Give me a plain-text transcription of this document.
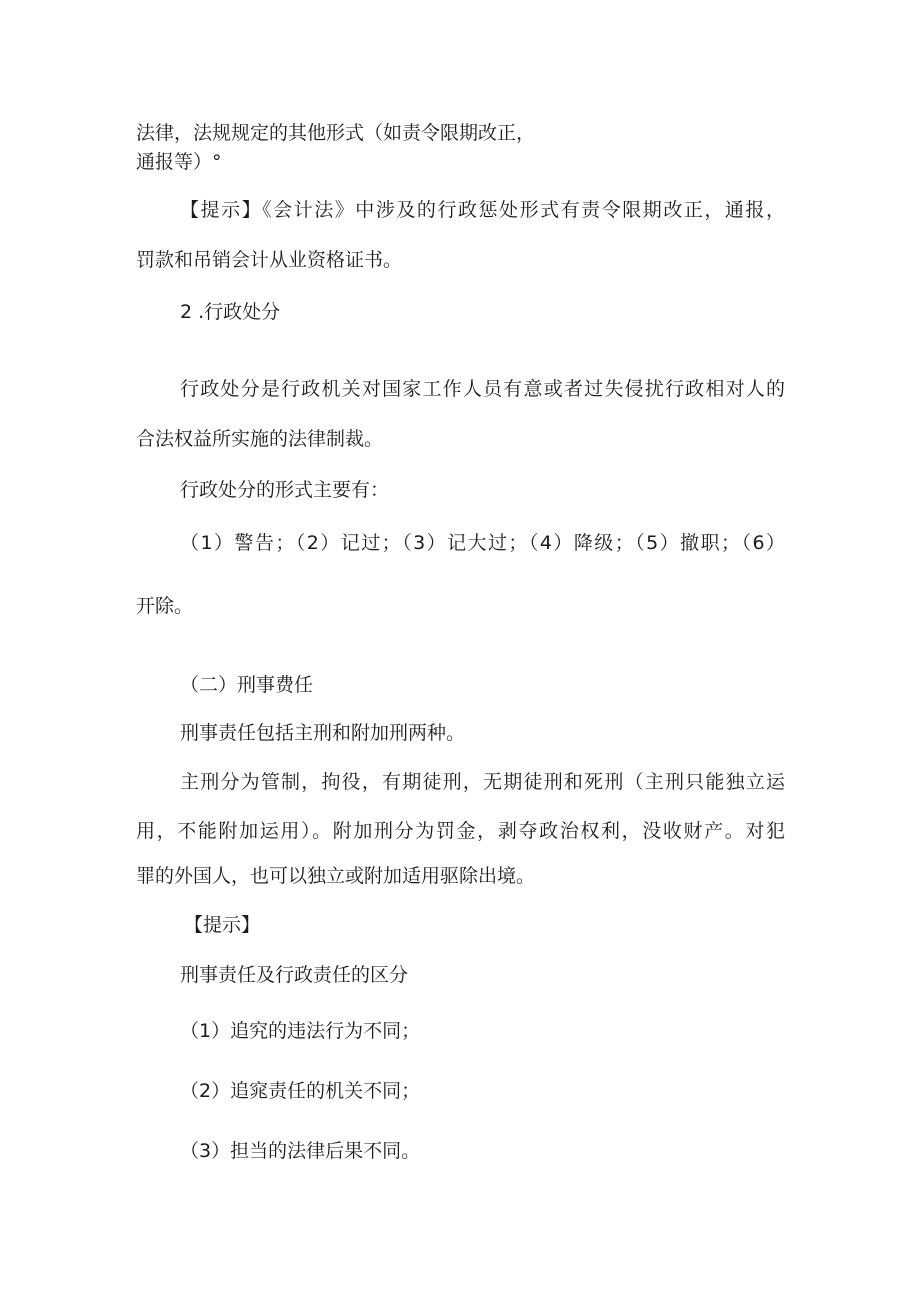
法律，法规规定的其他形式（如责令限期改正，

通报等）°

【提示】《会计法》中涉及的行政惩处形式有责令限期改正，通报，

罚款和吊销会计从业资格证书。

2 .行政处分

行政处分是行政机关对国家工作人员有意或者过失侵扰行政相对人的

合法权益所实施的法律制裁。

行政处分的形式主要有：

（1）警告；（2）记过；（3）记大过；（4）降级；（5）撤职；（6）

开除。

（二）刑事费任

刑事责任包括主刑和附加刑两种。

主刑分为管制，拘役，有期徒刑，无期徒刑和死刑（主刑只能独立运

用，不能附加运用）。附加刑分为罚金，剥夺政治权利，没收财产。对犯

罪的外国人，也可以独立或附加适用驱除出境。

【提示】

刑事责任及行政责任的区分

（1）追究的违法行为不同；

（2）追窕责任的机关不同；

（3）担当的法律后果不同。
